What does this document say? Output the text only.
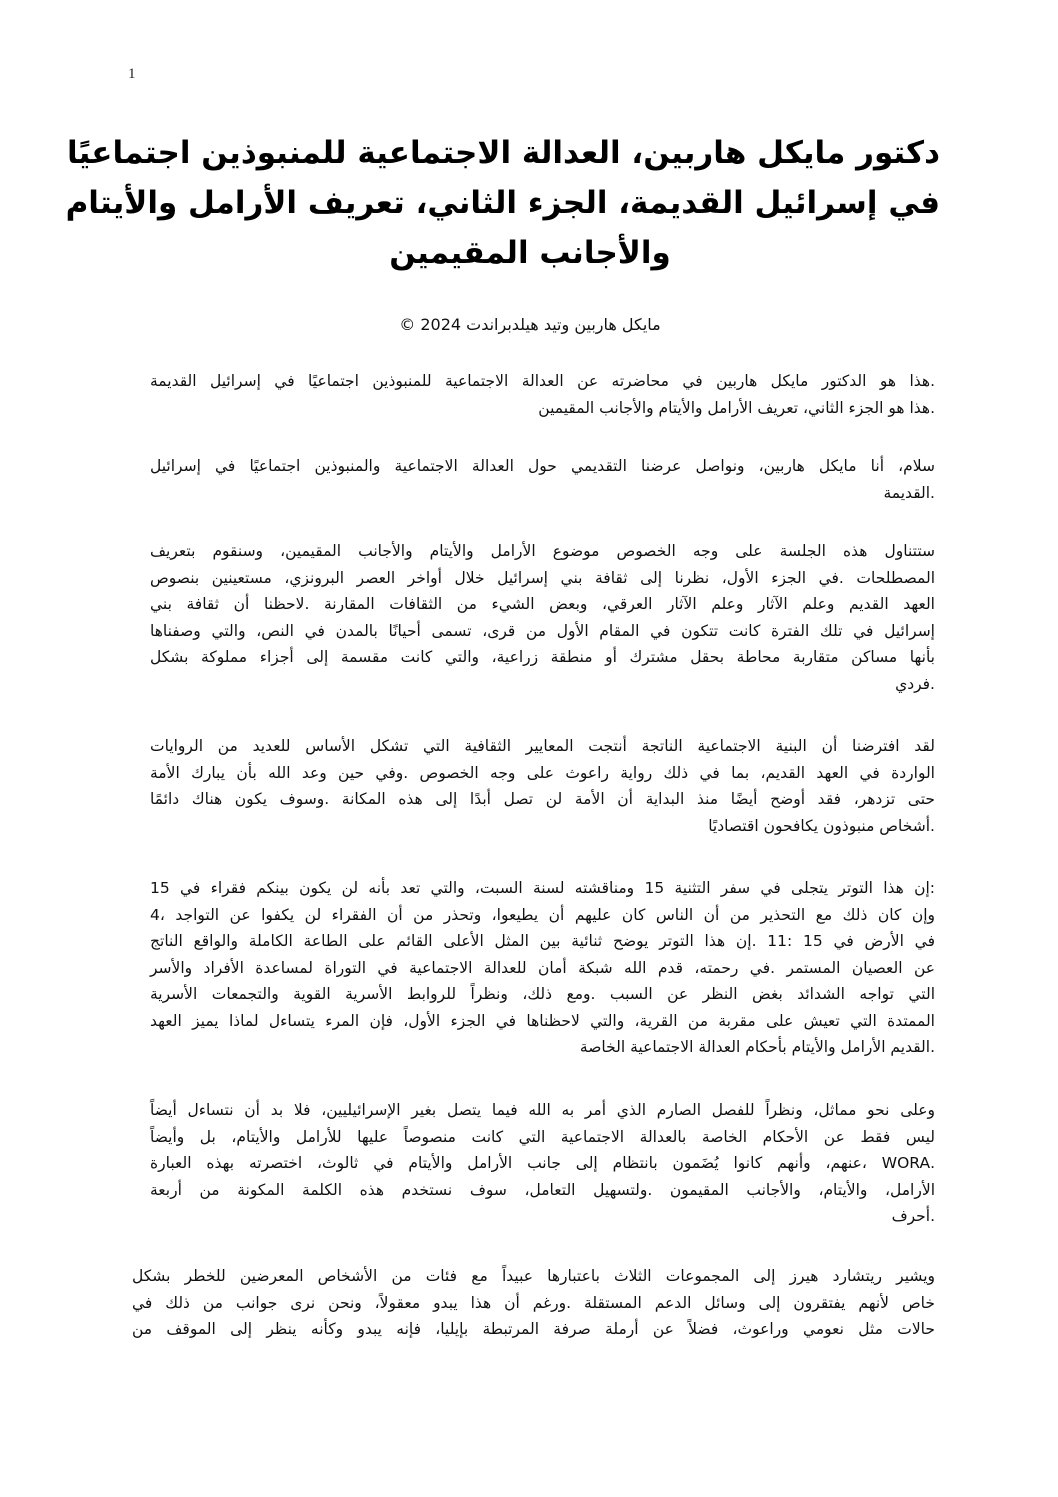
1
دكتور مايكل هاربين، العدالة الاجتماعية للمنبوذين اجتماعيًا
في إسرائيل القديمة، الجزء الثاني، تعريف الأرامل والأيتام
والأجانب المقيمين
مايكل هاربين وتيد هيلدبراندت 2024 ©
.هذا هو الدكتور مايكل هاربين في محاضرته عن العدالة الاجتماعية للمنبوذين اجتماعيًا في إسرائيل القديمة
.هذا هو الجزء الثاني، تعريف الأرامل والأيتام والأجانب المقيمين
سلام، أنا مايكل هاربين، ونواصل عرضنا التقديمي حول العدالة الاجتماعية والمنبوذين اجتماعيًا في إسرائيل
.القديمة
ستتناول هذه الجلسة على وجه الخصوص موضوع الأرامل والأيتام والأجانب المقيمين، وسنقوم بتعريف
المصطلحات .في الجزء الأول، نظرنا إلى ثقافة بني إسرائيل خلال أواخر العصر البرونزي، مستعينين بنصوص
العهد القديم وعلم الآثار وعلم الآثار العرقي، وبعض الشيء من الثقافات المقارنة .لاحظنا أن ثقافة بني
إسرائيل في تلك الفترة كانت تتكون في المقام الأول من قرى، تسمى أحيانًا بالمدن في النص، والتي وصفناها
بأنها مساكن متقاربة محاطة بحقل مشترك أو منطقة زراعية، والتي كانت مقسمة إلى أجزاء مملوكة بشكل
.فردي
لقد افترضنا أن البنية الاجتماعية الناتجة أنتجت المعايير الثقافية التي تشكل الأساس للعديد من الروايات
الواردة في العهد القديم، بما في ذلك رواية راعوث على وجه الخصوص .وفي حين وعد الله بأن يبارك الأمة
حتى تزدهر، فقد أوضح أيضًا منذ البداية أن الأمة لن تصل أبدًا إلى هذه المكانة .وسوف يكون هناك دائمًا
.أشخاص منبوذون يكافحون اقتصاديًا
:إن هذا التوتر يتجلى في سفر التثنية 15 ومناقشته لسنة السبت، والتي تعد بأنه لن يكون بينكم فقراء في 15
وإن كان ذلك مع التحذير من أن الناس كان عليهم أن يطيعوا، وتحذر من أن الفقراء لن يكفوا عن التواجد ،4
في الأرض في 15 :11 .إن هذا التوتر يوضح ثنائية بين المثل الأعلى القائم على الطاعة الكاملة والواقع الناتج
عن العصيان المستمر .في رحمته، قدم الله شبكة أمان للعدالة الاجتماعية في التوراة لمساعدة الأفراد والأسر
التي تواجه الشدائد بغض النظر عن السبب .ومع ذلك، ونظراً للروابط الأسرية القوية والتجمعات الأسرية
الممتدة التي تعيش على مقربة من القرية، والتي لاحظناها في الجزء الأول، فإن المرء يتساءل لماذا يميز العهد
.القديم الأرامل والأيتام بأحكام العدالة الاجتماعية الخاصة
وعلى نحو مماثل، ونظراً للفصل الصارم الذي أمر به الله فيما يتصل بغير الإسرائيليين، فلا بد أن نتساءل أيضاً
ليس فقط عن الأحكام الخاصة بالعدالة الاجتماعية التي كانت منصوصاً عليها للأرامل والأيتام، بل وأيضاً
.WORA ،عنهم، وأنهم كانوا يُضَمون بانتظام إلى جانب الأرامل والأيتام في ثالوث، اختصرته بهذه العبارة
الأرامل، والأيتام، والأجانب المقيمون .ولتسهيل التعامل، سوف نستخدم هذه الكلمة المكونة من أربعة
.أحرف
ويشير ريتشارد هيرز إلى المجموعات الثلاث باعتبارها عبيداً مع فئات من الأشخاص المعرضين للخطر بشكل
خاص لأنهم يفتقرون إلى وسائل الدعم المستقلة .ورغم أن هذا يبدو معقولاً، ونحن نرى جوانب من ذلك في
حالات مثل نعومي وراعوث، فضلاً عن أرملة صرفة المرتبطة بإيليا، فإنه يبدو وكأنه ينظر إلى الموقف من
